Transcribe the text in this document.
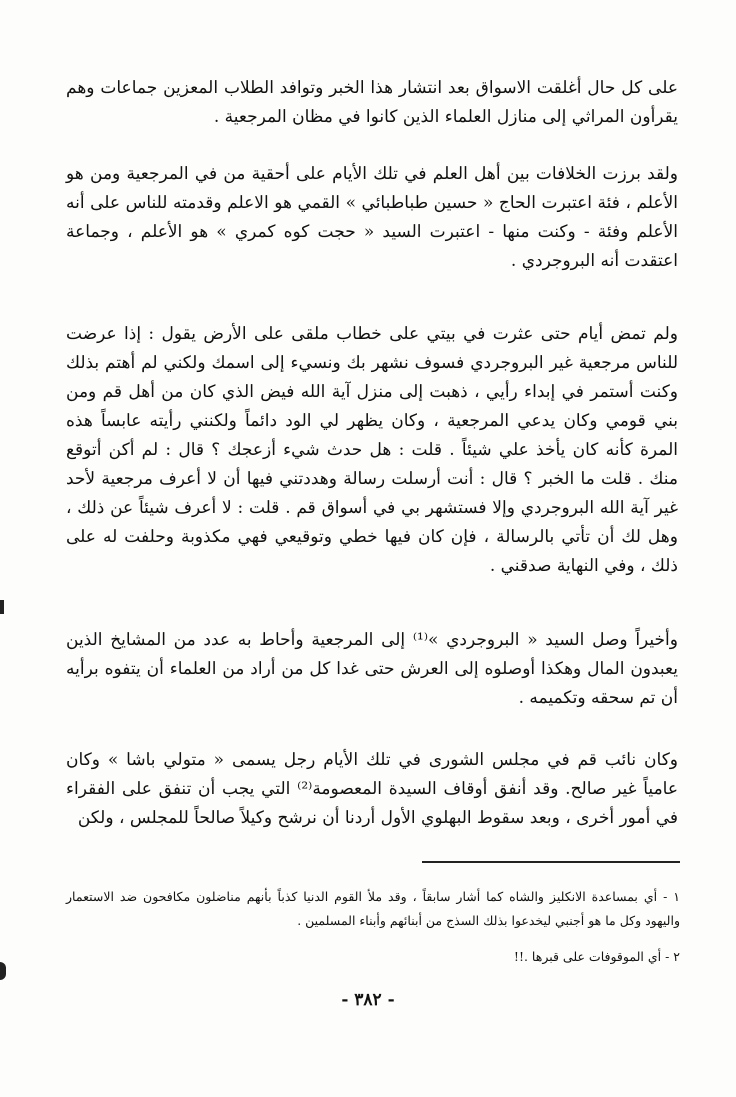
على كل حال أغلقت الاسواق بعد انتشار هذا الخبر وتوافد الطلاب المعزين جماعات وهم يقرأون المراثي إلى منازل العلماء الذين كانوا في مظان المرجعية .

ولقد برزت الخلافات بين أهل العلم في تلك الأيام على أحقية من في المرجعية ومن هو الأعلم ، فئة اعتبرت الحاج « حسين طباطبائي » القمي هو الاعلم وقدمته للناس على أنه الأعلم وفئة - وكنت منها - اعتبرت السيد « حجت كوه كمري » هو الأعلم ، وجماعة اعتقدت أنه البروجردي .

ولم تمض أيام حتى عثرت في بيتي على خطاب ملقى على الأرض يقول : إذا عرضت للناس مرجعية غير البروجردي فسوف نشهر بك ونسيء إلى اسمك ولكني لم أهتم بذلك وكنت أستمر في إبداء رأيي ، ذهبت إلى منزل آية الله فيض الذي كان من أهل قم ومن بني قومي وكان يدعي المرجعية ، وكان يظهر لي الود دائماً ولكنني رأيته عابساً هذه المرة كأنه كان يأخذ علي شيئاً . قلت : هل حدث شيء أزعجك ؟ قال : لم أكن أتوقع منك . قلت ما الخبر ؟ قال : أنت أرسلت رسالة وهددتني فيها أن لا أعرف مرجعية لأحد غير آية الله البروجردي وإلا فستشهر بي في أسواق قم . قلت : لا أعرف شيئاً عن ذلك ، وهل لك أن تأتي بالرسالة ، فإن كان فيها خطي وتوقيعي فهي مكذوبة وحلفت له على ذلك ، وفي النهاية صدقني .

وأخيراً وصل السيد « البروجردي »⁽¹⁾ إلى المرجعية وأحاط به عدد من المشايخ الذين يعبدون المال وهكذا أوصلوه إلى العرش حتى غدا كل من أراد من العلماء أن يتفوه برأيه أن تم سحقه وتكميمه .

وكان نائب قم في مجلس الشورى في تلك الأيام رجل يسمى « متولي باشا » وكان عامياً غير صالح. وقد أنفق أوقاف السيدة المعصومة⁽²⁾ التي يجب أن تنفق على الفقراء في أمور أخرى ، وبعد سقوط البهلوي الأول أردنا أن نرشح وكيلاً صالحاً للمجلس ، ولكن

١ - أي بمساعدة الانكليز والشاه كما أشار سابقاً ، وقد ملأ القوم الدنيا كذباً بأنهم مناضلون مكافحون ضد الاستعمار واليهود وكل ما هو أجنبي ليخدعوا بذلك السذج من أبنائهم وأبناء المسلمين .

٢ - أي الموقوفات على قبرها .!!

- ٣٨٢ -
